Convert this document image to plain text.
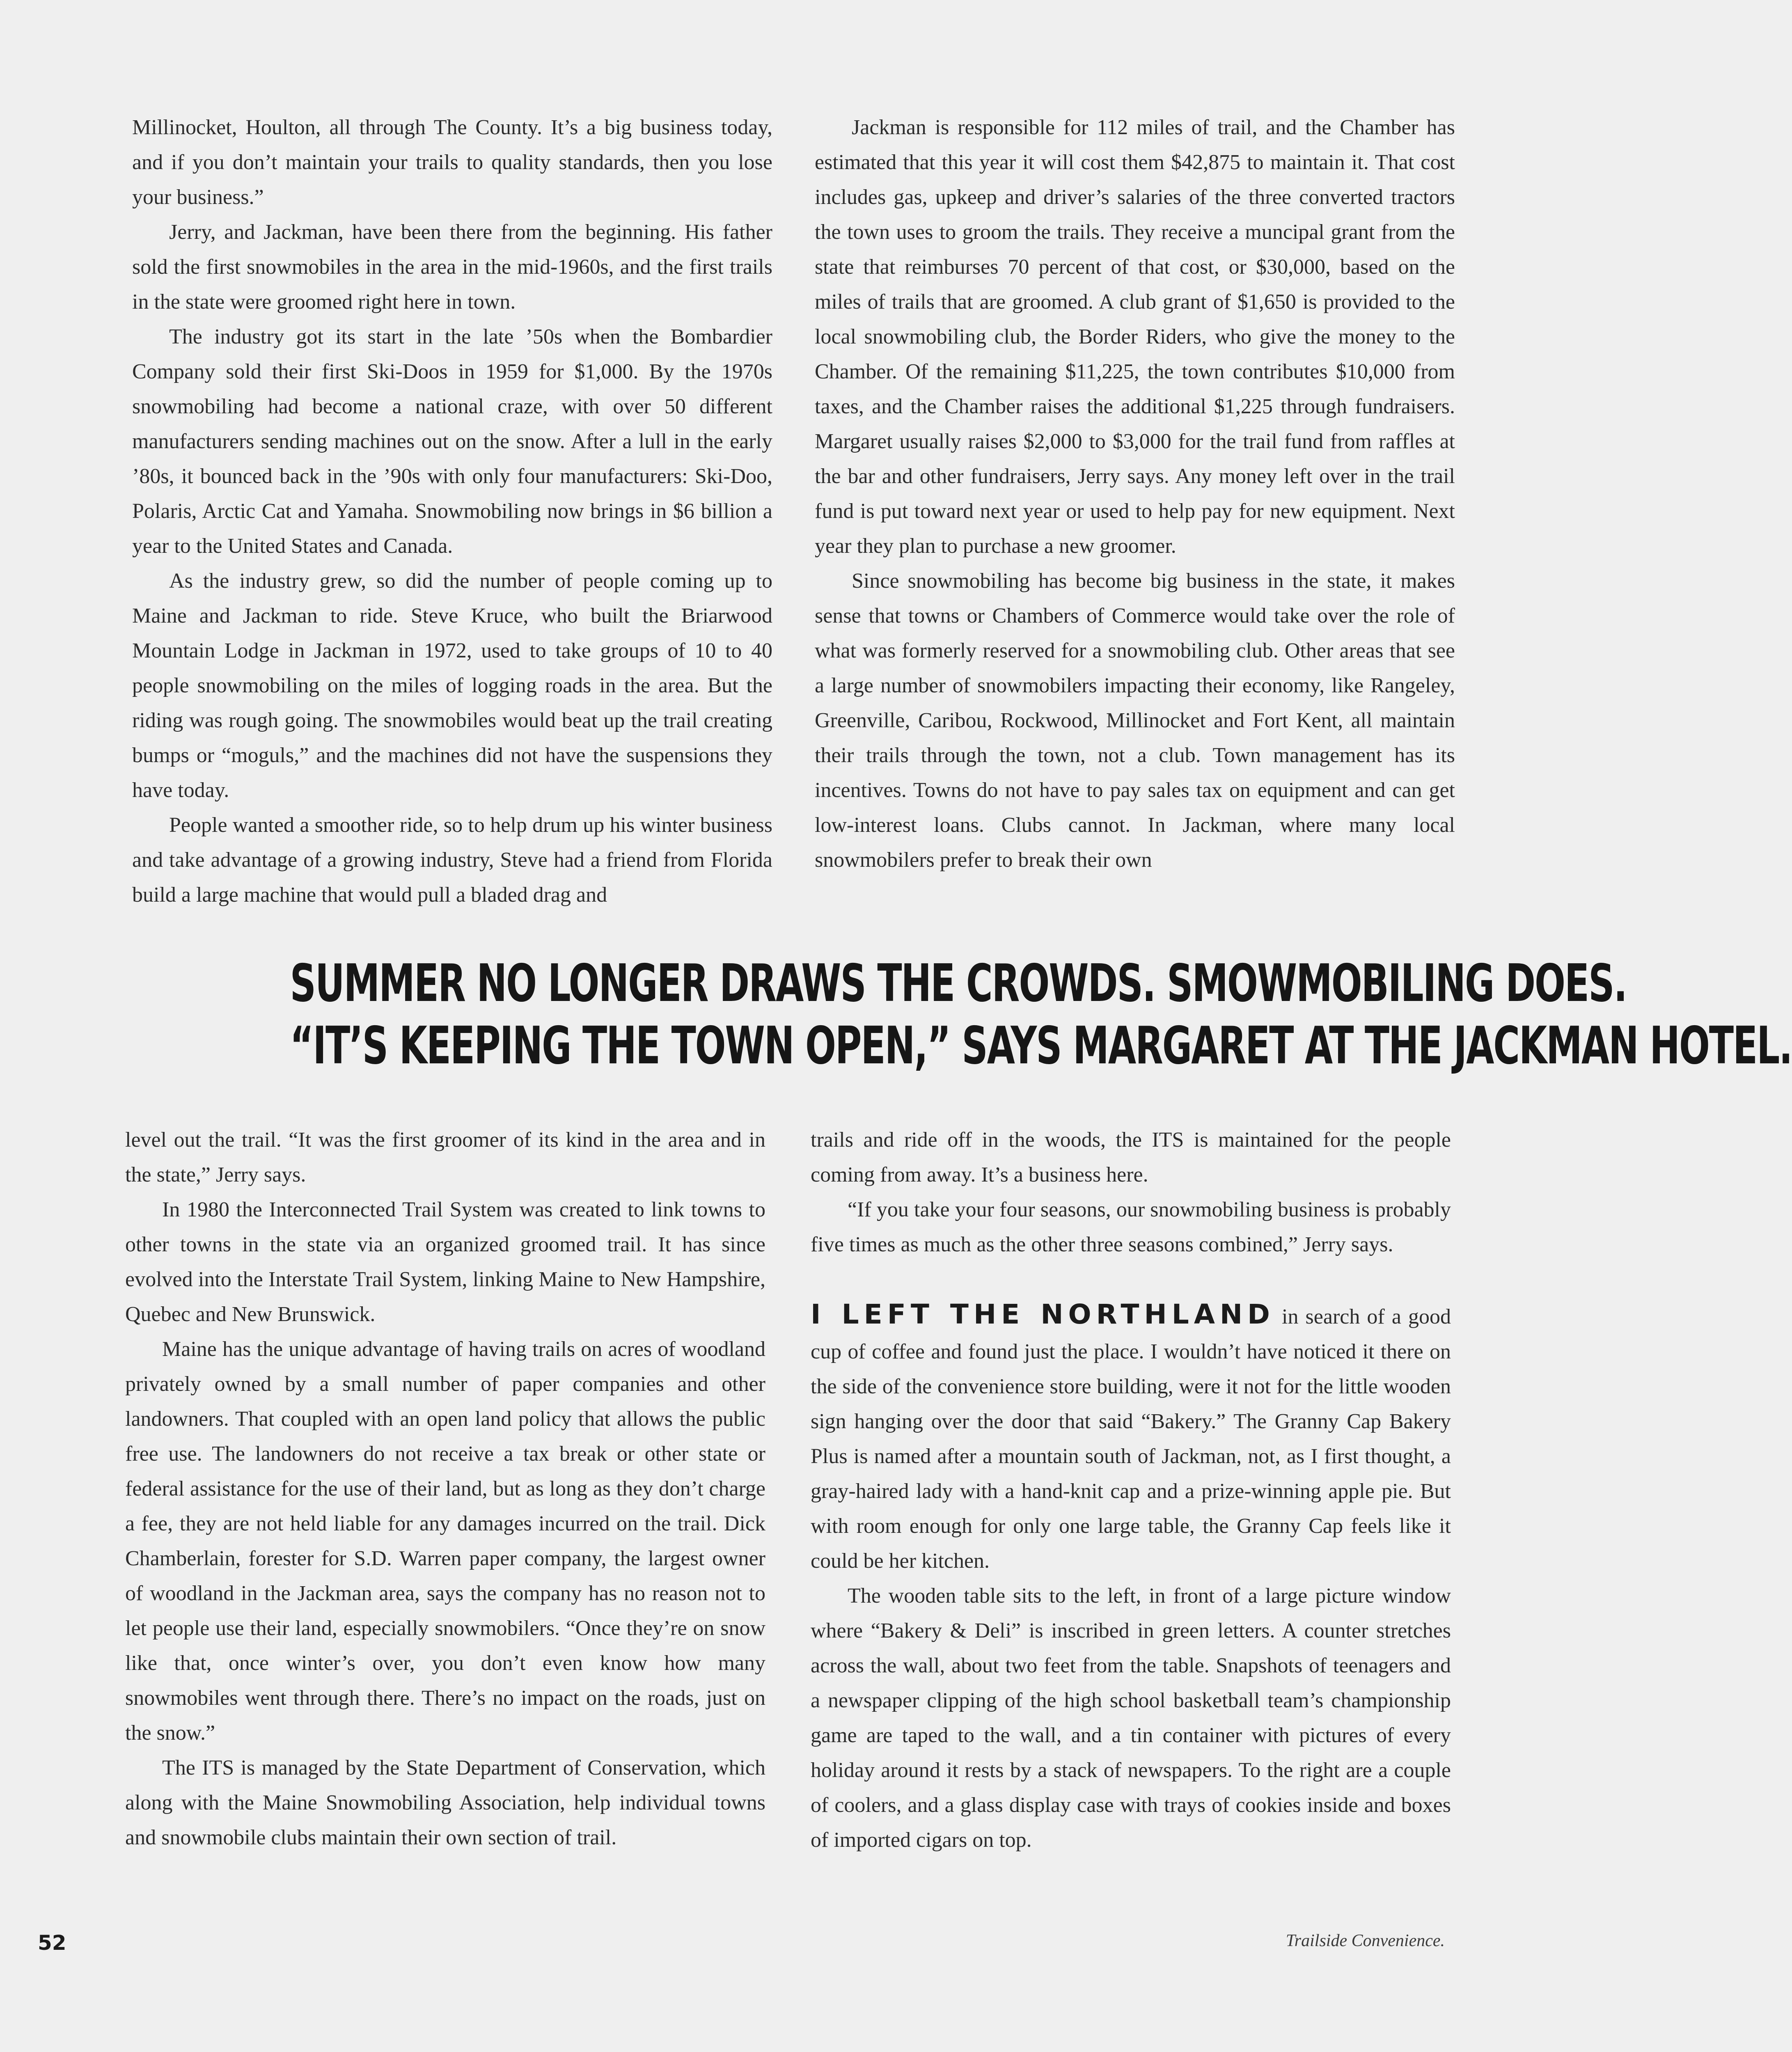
Millinocket, Houlton, all through The County. It’s a big business today, and if you don’t maintain your trails to quality standards, then you lose your business.”

Jerry, and Jackman, have been there from the beginning. His father sold the first snowmobiles in the area in the mid-1960s, and the first trails in the state were groomed right here in town.

The industry got its start in the late ’50s when the Bombardier Company sold their first Ski-Doos in 1959 for $1,000. By the 1970s snowmobiling had become a national craze, with over 50 different manufacturers sending machines out on the snow. After a lull in the early ’80s, it bounced back in the ’90s with only four manufacturers: Ski-Doo, Polaris, Arctic Cat and Yamaha. Snowmobiling now brings in $6 billion a year to the United States and Canada.

As the industry grew, so did the number of people coming up to Maine and Jackman to ride. Steve Kruce, who built the Briarwood Mountain Lodge in Jackman in 1972, used to take groups of 10 to 40 people snowmobiling on the miles of logging roads in the area. But the riding was rough going. The snowmobiles would beat up the trail creating bumps or “moguls,” and the machines did not have the suspensions they have today.

People wanted a smoother ride, so to help drum up his winter business and take advantage of a growing industry, Steve had a friend from Florida build a large machine that would pull a bladed drag and

Jackman is responsible for 112 miles of trail, and the Chamber has estimated that this year it will cost them $42,875 to maintain it. That cost includes gas, upkeep and driver’s salaries of the three converted tractors the town uses to groom the trails. They receive a muncipal grant from the state that reimburses 70 percent of that cost, or $30,000, based on the miles of trails that are groomed. A club grant of $1,650 is provided to the local snowmobiling club, the Border Riders, who give the money to the Chamber. Of the remaining $11,225, the town contributes $10,000 from taxes, and the Chamber raises the additional $1,225 through fundraisers. Margaret usually raises $2,000 to $3,000 for the trail fund from raffles at the bar and other fundraisers, Jerry says. Any money left over in the trail fund is put toward next year or used to help pay for new equipment. Next year they plan to purchase a new groomer.

Since snowmobiling has become big business in the state, it makes sense that towns or Chambers of Commerce would take over the role of what was formerly reserved for a snowmobiling club. Other areas that see a large number of snowmobilers impacting their economy, like Rangeley, Greenville, Caribou, Rockwood, Millinocket and Fort Kent, all maintain their trails through the town, not a club. Town management has its incentives. Towns do not have to pay sales tax on equipment and can get low-interest loans. Clubs cannot. In Jackman, where many local snowmobilers prefer to break their own

SUMMER NO LONGER DRAWS THE CROWDS. SMOWMOBILING DOES.
“IT’S KEEPING THE TOWN OPEN,” SAYS MARGARET AT THE JACKMAN HOTEL.

level out the trail. “It was the first groomer of its kind in the area and in the state,” Jerry says.

In 1980 the Interconnected Trail System was created to link towns to other towns in the state via an organized groomed trail. It has since evolved into the Interstate Trail System, linking Maine to New Hampshire, Quebec and New Brunswick.

Maine has the unique advantage of having trails on acres of woodland privately owned by a small number of paper companies and other landowners. That coupled with an open land policy that allows the public free use. The landowners do not receive a tax break or other state or federal assistance for the use of their land, but as long as they don’t charge a fee, they are not held liable for any damages incurred on the trail. Dick Chamberlain, forester for S.D. Warren paper company, the largest owner of woodland in the Jackman area, says the company has no reason not to let people use their land, especially snowmobilers. “Once they’re on snow like that, once winter’s over, you don’t even know how many snowmobiles went through there. There’s no impact on the roads, just on the snow.”

The ITS is managed by the State Department of Conservation, which along with the Maine Snowmobiling Association, help individual towns and snowmobile clubs maintain their own section of trail.

trails and ride off in the woods, the ITS is maintained for the people coming from away. It’s a business here.

“If you take your four seasons, our snowmobiling business is probably five times as much as the other three seasons combined,” Jerry says.

I LEFT THE NORTHLAND in search of a good cup of coffee and found just the place. I wouldn’t have noticed it there on the side of the convenience store building, were it not for the little wooden sign hanging over the door that said “Bakery.” The Granny Cap Bakery Plus is named after a mountain south of Jackman, not, as I first thought, a gray-haired lady with a hand-knit cap and a prize-winning apple pie. But with room enough for only one large table, the Granny Cap feels like it could be her kitchen.

The wooden table sits to the left, in front of a large picture window where “Bakery & Deli” is inscribed in green letters. A counter stretches across the wall, about two feet from the table. Snapshots of teenagers and a newspaper clipping of the high school basketball team’s championship game are taped to the wall, and a tin container with pictures of every holiday around it rests by a stack of newspapers. To the right are a couple of coolers, and a glass display case with trays of cookies inside and boxes of imported cigars on top.

52	Trailside Convenience.
